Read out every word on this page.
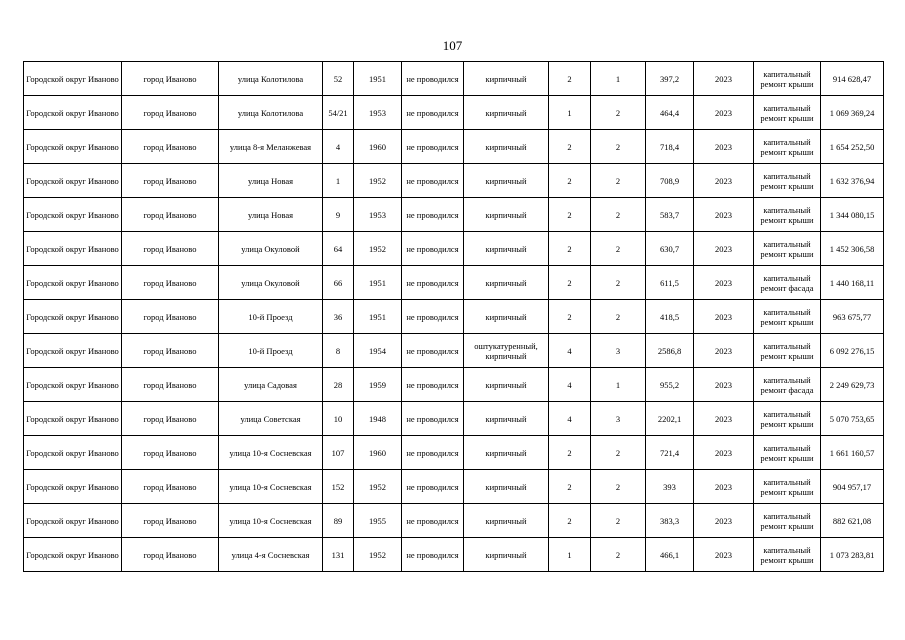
107
Городской округ Иваново	город Иваново	улица Колотилова	52	1951	не проводился	кирпичный	2	1	397,2	2023	капитальный ремонт крыши	914 628,47
Городской округ Иваново	город Иваново	улица Колотилова	54/21	1953	не проводился	кирпичный	1	2	464,4	2023	капитальный ремонт крыши	1 069 369,24
Городской округ Иваново	город Иваново	улица 8-я Меланжевая	4	1960	не проводился	кирпичный	2	2	718,4	2023	капитальный ремонт крыши	1 654 252,50
Городской округ Иваново	город Иваново	улица Новая	1	1952	не проводился	кирпичный	2	2	708,9	2023	капитальный ремонт крыши	1 632 376,94
Городской округ Иваново	город Иваново	улица Новая	9	1953	не проводился	кирпичный	2	2	583,7	2023	капитальный ремонт крыши	1 344 080,15
Городской округ Иваново	город Иваново	улица Окуловой	64	1952	не проводился	кирпичный	2	2	630,7	2023	капитальный ремонт крыши	1 452 306,58
Городской округ Иваново	город Иваново	улица Окуловой	66	1951	не проводился	кирпичный	2	2	611,5	2023	капитальный ремонт фасада	1 440 168,11
Городской округ Иваново	город Иваново	10-й Проезд	36	1951	не проводился	кирпичный	2	2	418,5	2023	капитальный ремонт крыши	963 675,77
Городской округ Иваново	город Иваново	10-й Проезд	8	1954	не проводился	оштукатуренный, кирпичный	4	3	2586,8	2023	капитальный ремонт крыши	6 092 276,15
Городской округ Иваново	город Иваново	улица Садовая	28	1959	не проводился	кирпичный	4	1	955,2	2023	капитальный ремонт фасада	2 249 629,73
Городской округ Иваново	город Иваново	улица Советская	10	1948	не проводился	кирпичный	4	3	2202,1	2023	капитальный ремонт крыши	5 070 753,65
Городской округ Иваново	город Иваново	улица 10-я Сосневская	107	1960	не проводился	кирпичный	2	2	721,4	2023	капитальный ремонт крыши	1 661 160,57
Городской округ Иваново	город Иваново	улица 10-я Сосневская	152	1952	не проводился	кирпичный	2	2	393	2023	капитальный ремонт крыши	904 957,17
Городской округ Иваново	город Иваново	улица 10-я Сосневская	89	1955	не проводился	кирпичный	2	2	383,3	2023	капитальный ремонт крыши	882 621,08
Городской округ Иваново	город Иваново	улица 4-я Сосневская	131	1952	не проводился	кирпичный	1	2	466,1	2023	капитальный ремонт крыши	1 073 283,81
